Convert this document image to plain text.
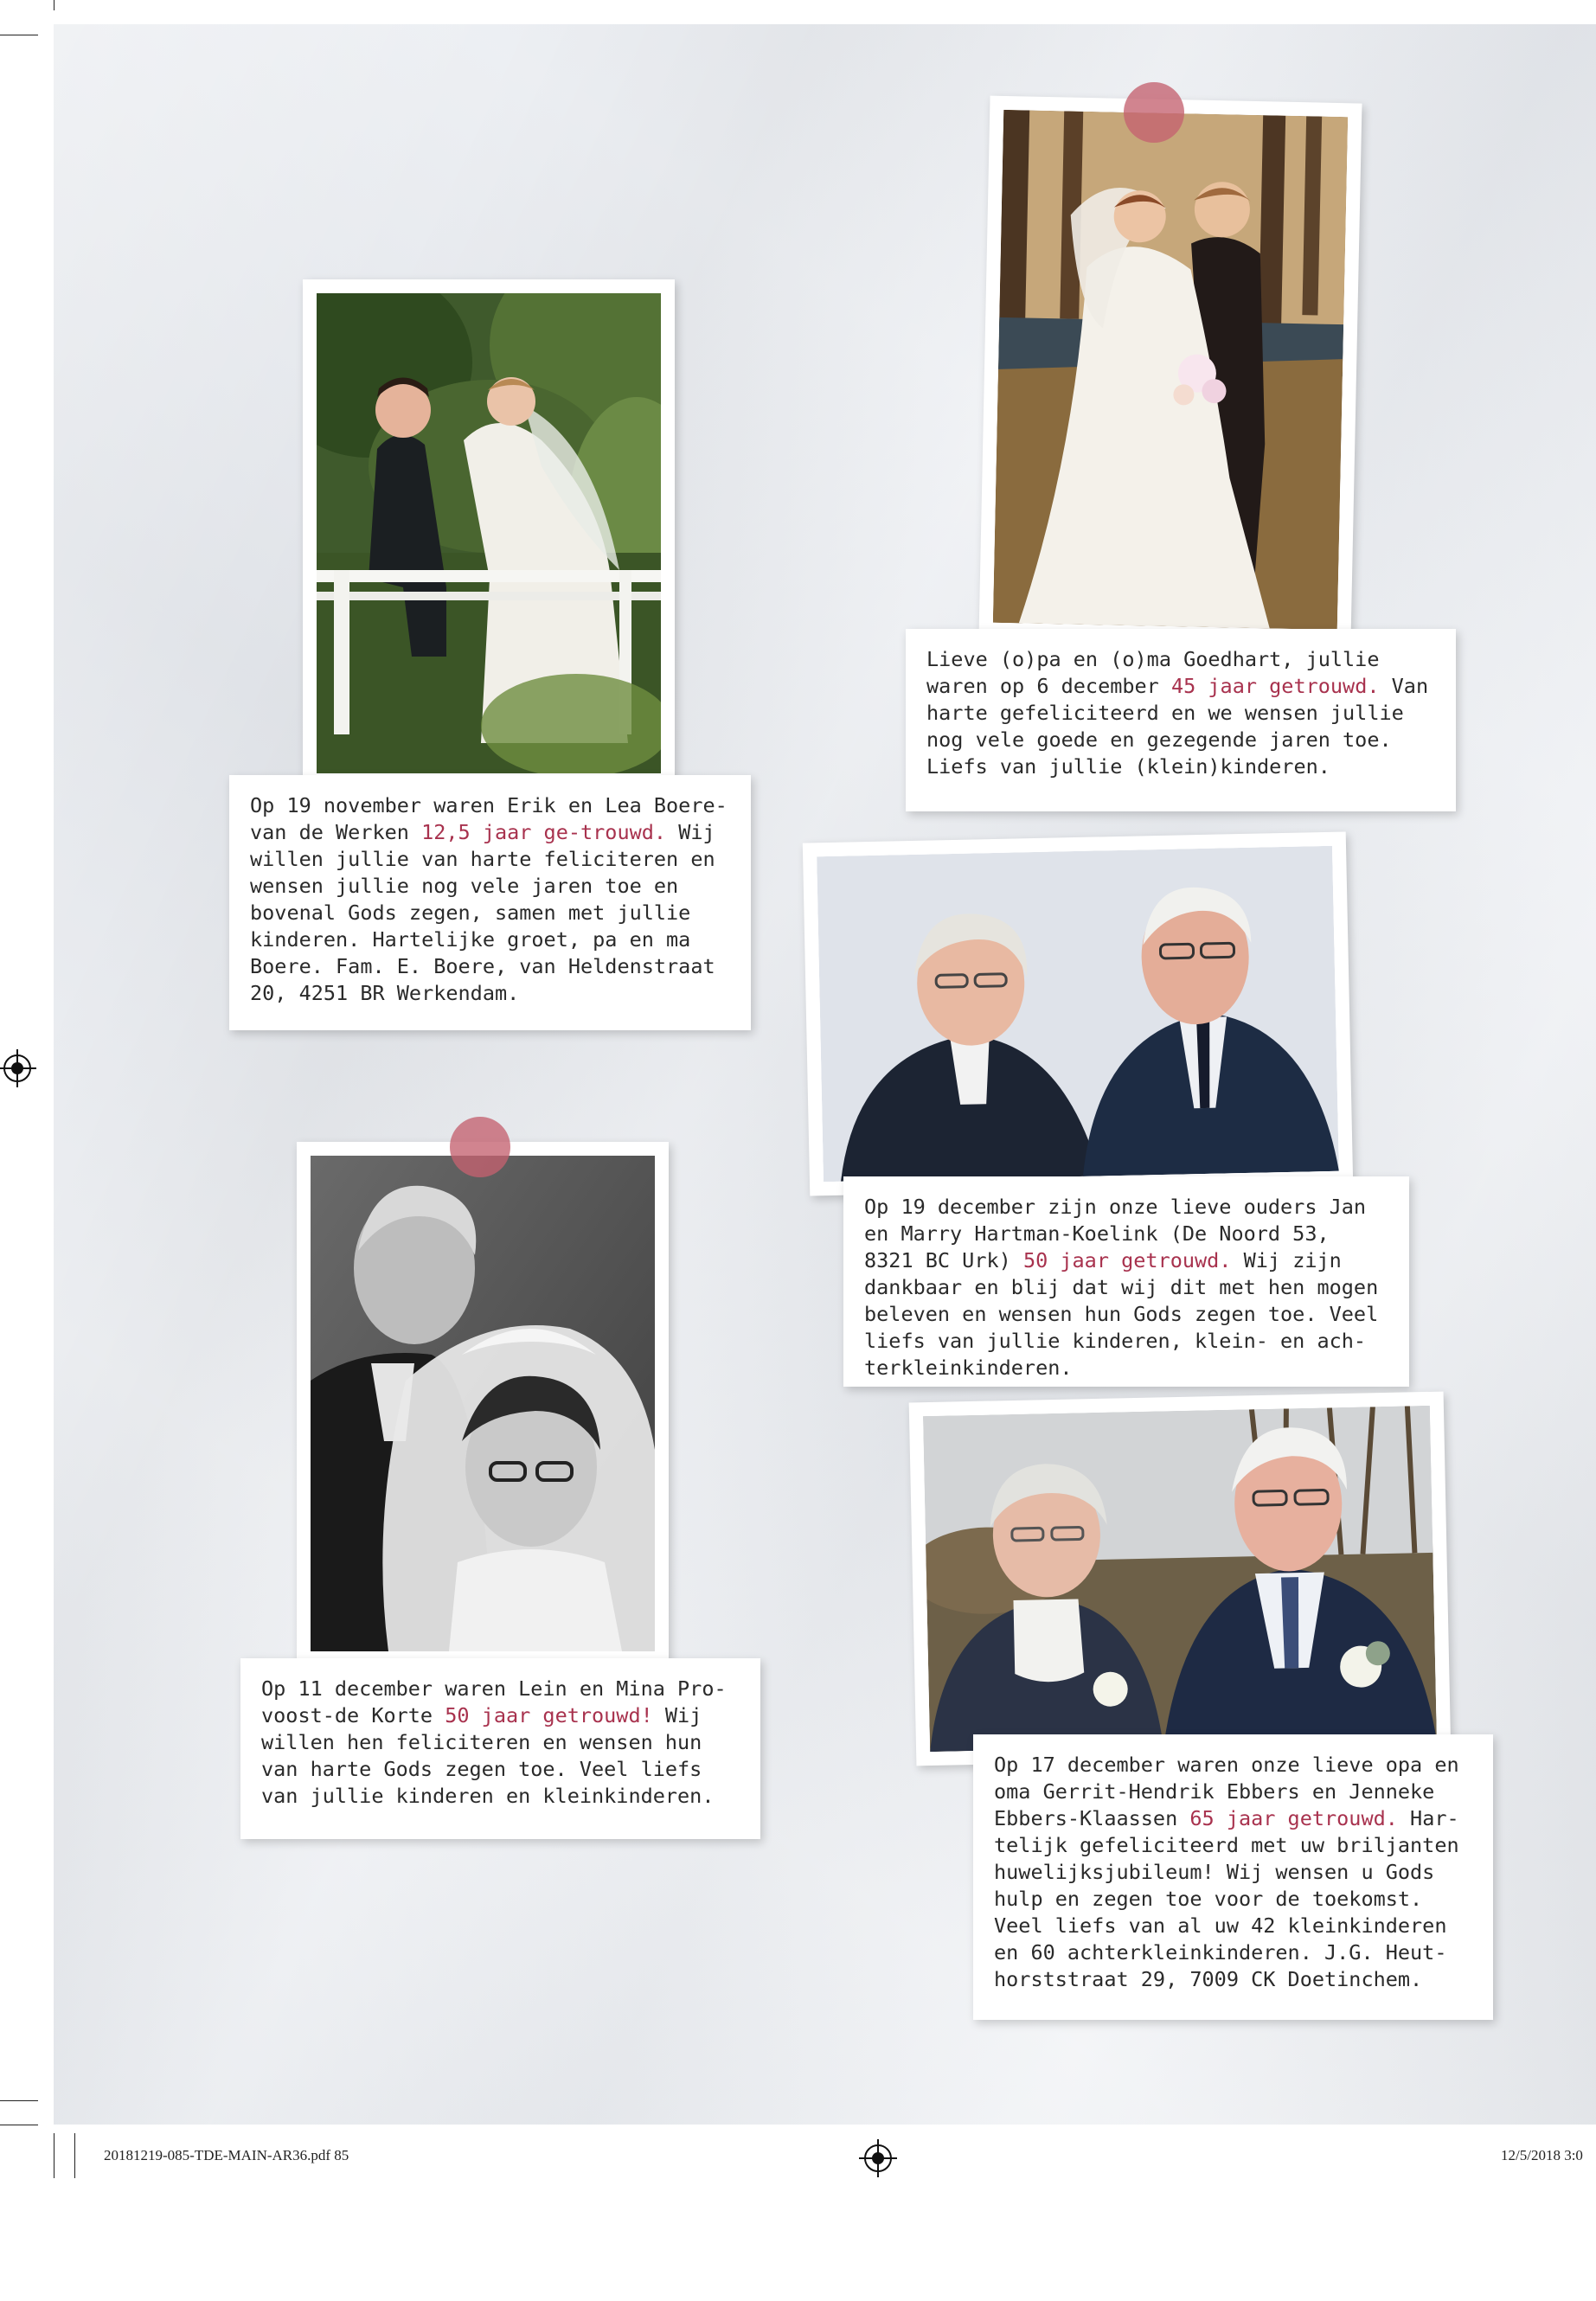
Op 19 november waren Erik en Lea Boere-van de Werken 12,5 jaar ge-trouwd. Wij willen jullie van harte feliciteren en wensen jullie nog vele jaren toe en bovenal Gods zegen, samen met jullie kinderen. Hartelijke groet, pa en ma Boere. Fam. E. Boere, van Heldenstraat 20, 4251 BR Werkendam.
Lieve (o)pa en (o)ma Goedhart, jullie waren op 6 december 45 jaar getrouwd. Van harte gefeliciteerd en we wensen jullie nog vele goede en gezegende jaren toe. Liefs van jullie (klein)kinderen.
Op 19 december zijn onze lieve ouders Jan en Marry Hartman-Koelink (De Noord 53, 8321 BC Urk) 50 jaar getrouwd. Wij zijn dankbaar en blij dat wij dit met hen mogen beleven en wensen hun Gods zegen toe. Veel liefs van jullie kinderen, klein- en ach-terkleinkinderen.
Op 11 december waren Lein en Mina Pro-voost-de Korte 50 jaar getrouwd! Wij willen hen feliciteren en wensen hun van harte Gods zegen toe. Veel liefs van jullie kinderen en kleinkinderen.
Op 17 december waren onze lieve opa en oma Gerrit-Hendrik Ebbers en Jenneke Ebbers-Klaassen 65 jaar getrouwd. Har-telijk gefeliciteerd met uw briljanten huwelijksjubileum! Wij wensen u Gods hulp en zegen toe voor de toekomst. Veel liefs van al uw 42 kleinkinderen en 60 achterkleinkinderen. J.G. Heut-horststraat 29, 7009 CK Doetinchem.
20181219-085-TDE-MAIN-AR36.pdf 85	12/5/2018 3:0
